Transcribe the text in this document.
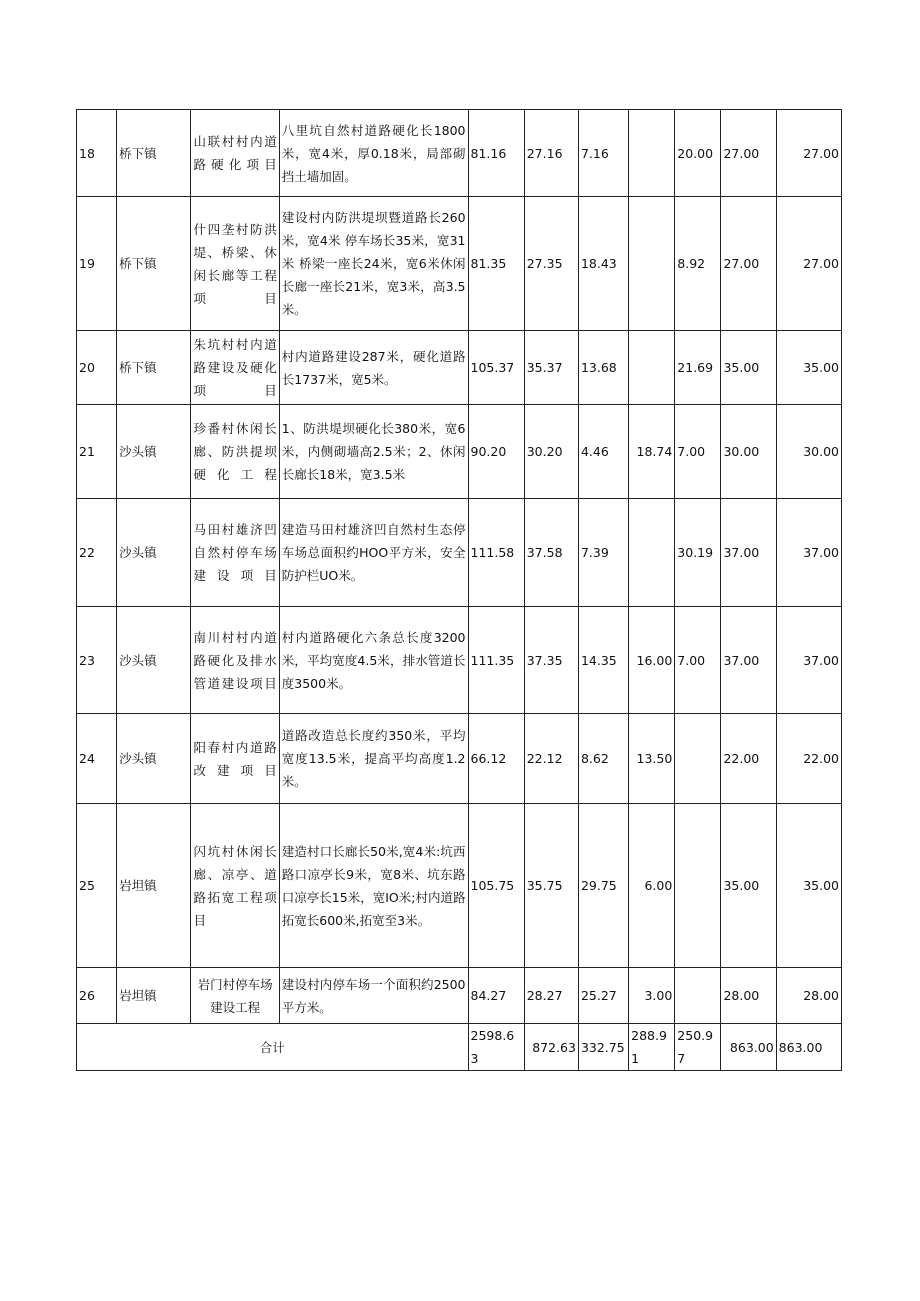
18	桥下镇	山联村村内道路硬化项目	八里坑自然村道路硬化长1800米，宽4米，厚0.18米，局部砌挡土墙加固。	81.16	27.16	7.16		20.00	27.00	27.00
19	桥下镇	什四垄村防洪堤、桥梁、休闲长廊等工程项目	建设村内防洪堤坝暨道路长260米，宽4米 停车场长35米，宽31米 桥梁一座长24米，宽6米休闲长廊一座长21米，宽3米，高3.5米。	81.35	27.35	18.43		8.92	27.00	27.00
20	桥下镇	朱坑村村内道路建设及硬化项目	村内道路建设287米，硬化道路长1737米，宽5米。	105.37	35.37	13.68		21.69	35.00	35.00
21	沙头镇	珍番村休闲长廊、防洪提坝硬化工程	1、防洪堤坝硬化长380米，宽6米，内侧砌墙高2.5米；2、休闲长廊长18米，宽3.5米	90.20	30.20	4.46	18.74	7.00	30.00	30.00
22	沙头镇	马田村雄济凹自然村停车场建设项目	建造马田村雄济凹自然村生态停车场总面积约HOO平方米，安全防护栏UO米。	111.58	37.58	7.39		30.19	37.00	37.00
23	沙头镇	南川村村内道路硬化及排水管道建设项目	村内道路硬化六条总长度3200米，平均宽度4.5米，排水管道长度3500米。	111.35	37.35	14.35	16.00	7.00	37.00	37.00
24	沙头镇	阳春村内道路改建项目	道路改造总长度约350米，平均宽度13.5米，提高平均高度1.2米。	66.12	22.12	8.62	13.50		22.00	22.00
25	岩坦镇	闪坑村休闲长廊、凉亭、道路拓宽工程项目	建造村口长廊长50米,宽4米:坑西路口凉亭长9米，宽8米、坑东路口凉亭长15米，宽IO米;村内道路拓宽长600米,拓宽至3米。	105.75	35.75	29.75	6.00		35.00	35.00
26	岩坦镇	岩门村停车场建设工程	建设村内停车场一个面积约2500平方米。	84.27	28.27	25.27	3.00		28.00	28.00
合计				2598.63	872.63	332.75	288.91	250.97	863.00	863.00
